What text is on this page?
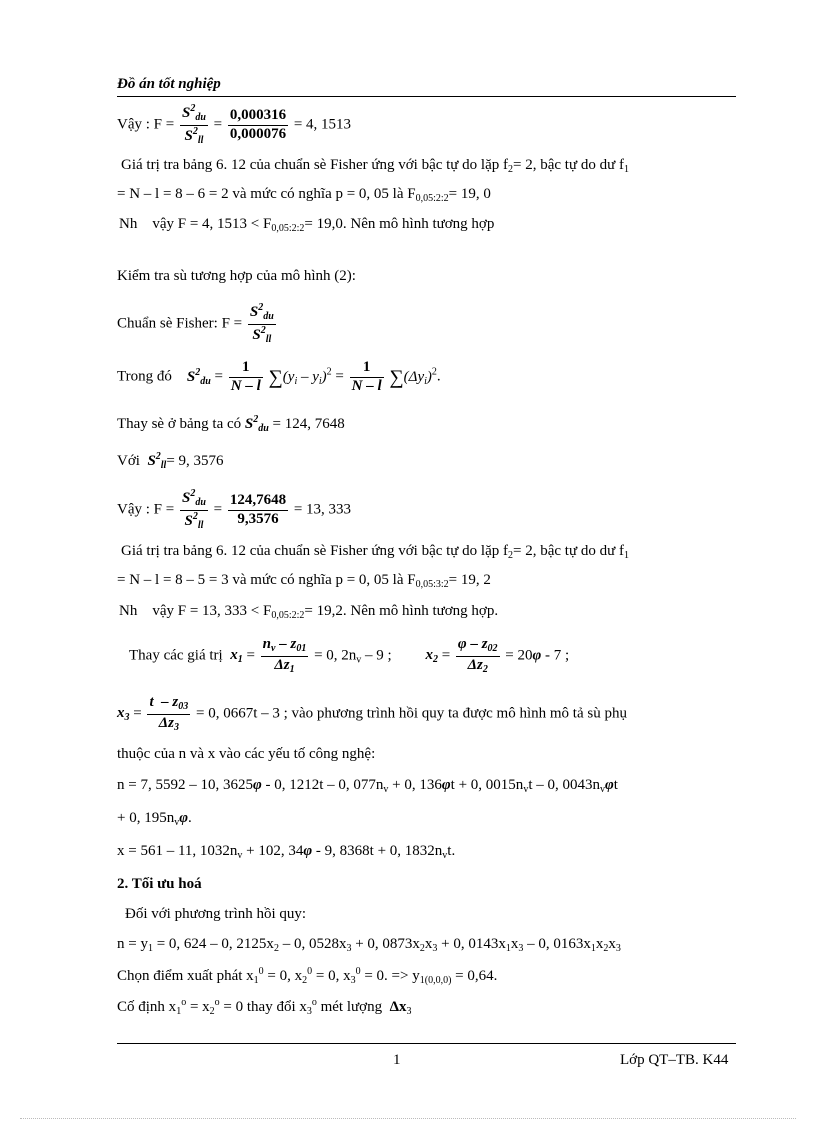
Đồ án tốt nghiệp
Vậy : $F = \frac{S^2_{du}}{S^2_{ll}} = \frac{0,000316}{0,000076} = 4$, 1513
Giá trị tra bảng 6. 12 của chuẩn sè Fisher ứng với bậc tự do lặp $f_2= 2$, bậc tự do dư $f_1$
= N – l = 8 – 6 = 2 và mức có nghĩa p = 0, 05 là $F_{0,05:2:2}= 19$, 0
Nh vậy F = 4, $1513 < F_{0,05:2:2}= 19,0$. Nên mô hình tương hợp
Kiểm tra sù tương hợp của mô hình (2):
Chuẩn sè Fisher: $F = \frac{S^2_{du}}{S^2_{ll}}$
Trong đó $S^2_{du} = \frac{1}{N - l} \sum(y_i - y_i)^2 = \frac{1}{N - l} \sum(\Delta y_i)^2$.
Thay sè ở bảng ta có $S^2_{du} = 124$, 7648
Với $S^2_{ll}= 9$, 3576
Vậy : $F = \frac{S^2_{du}}{S^2_{ll}} = \frac{124,7648}{9,3576} = 13$, 333
Giá trị tra bảng 6. 12 của chuẩn sè Fisher ứng với bậc tự do lặp $f_2= 2$, bậc tự do dư $f_1$
= N – l = 8 – 5 = 3 và mức có nghĩa p = 0, 05 là $F_{0,05:3:2}= 19$, 2
Nh vậy F = 13, $333 < F_{0,05:2:2}= 19,2$. Nên mô hình tương hợp.
Thay các giá trị $x_1 = \frac{n_v - z_{01}}{\Delta z_1} = 0$, $2n_v - 9$ ; $x_2 = \frac{\varphi - z_{02}}{\Delta z_2} = 20\varphi - 7$ ;
$x_3 = \frac{t - z_{03}}{\Delta z_3} = 0$, 0667t – 3 ; vào phương trình hồi quy ta được mô hình mô tả sù phụ
thuộc của n và x vào các yếu tố công nghệ:
n = 7, 5592 – 10, 3625φ - 0, 1212t – 0, $077n_v + 0$, 136φt + 0, $0015n_vt - 0$, $0043n_v\varphi t$
+ 0, $195n_v\varphi$.
x = 561 – 11, $1032n_v + 102$, 34φ - 9, 8368t + 0, $1832n_vt$.
2. Tối ưu hoá
Đối với phương trình hồi quy:
$n = y_1 = 0$, 624 – 0, $2125x_2 - 0$, $0528x_3 + 0$, $0873x_2x_3 + 0$, $0143x_1x_3 - 0$, $0163x_1x_2x_3$
Chọn điểm xuất phát $x_1^0 = 0$, $x_2^0 = 0$, $x_3^0 = 0$. => $y_{1(0,0,0)} = 0,64$.
Cố định $x_1^o = x_2^o = 0$ thay đổi $x_3^o$ mét lượng $\Delta x_3$
1	Lớp QT–TB. K44
